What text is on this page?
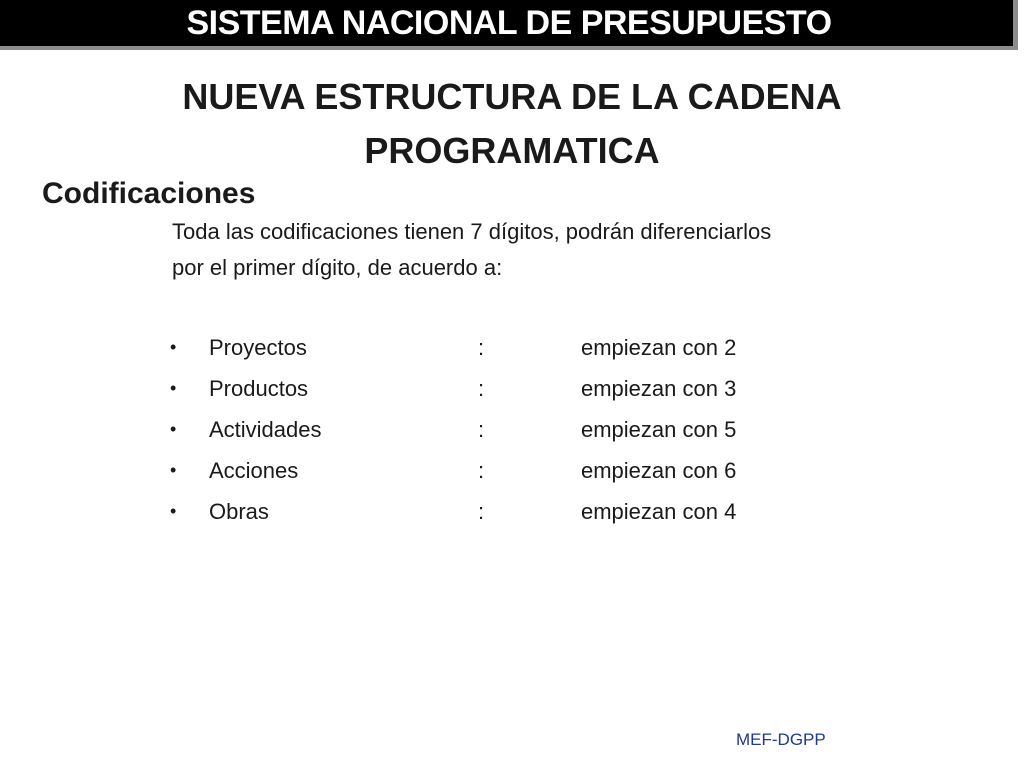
SISTEMA NACIONAL DE PRESUPUESTO
NUEVA ESTRUCTURA DE LA CADENA
PROGRAMATICA
Codificaciones
Toda las codificaciones tienen 7 dígitos, podrán diferenciarlos
por el primer dígito, de acuerdo a:
• Proyectos	:	empiezan con 2
• Productos	:	empiezan con 3
• Actividades	:	empiezan con 5
• Acciones	:	empiezan con 6
• Obras	:	empiezan con 4
MEF-DGPP
